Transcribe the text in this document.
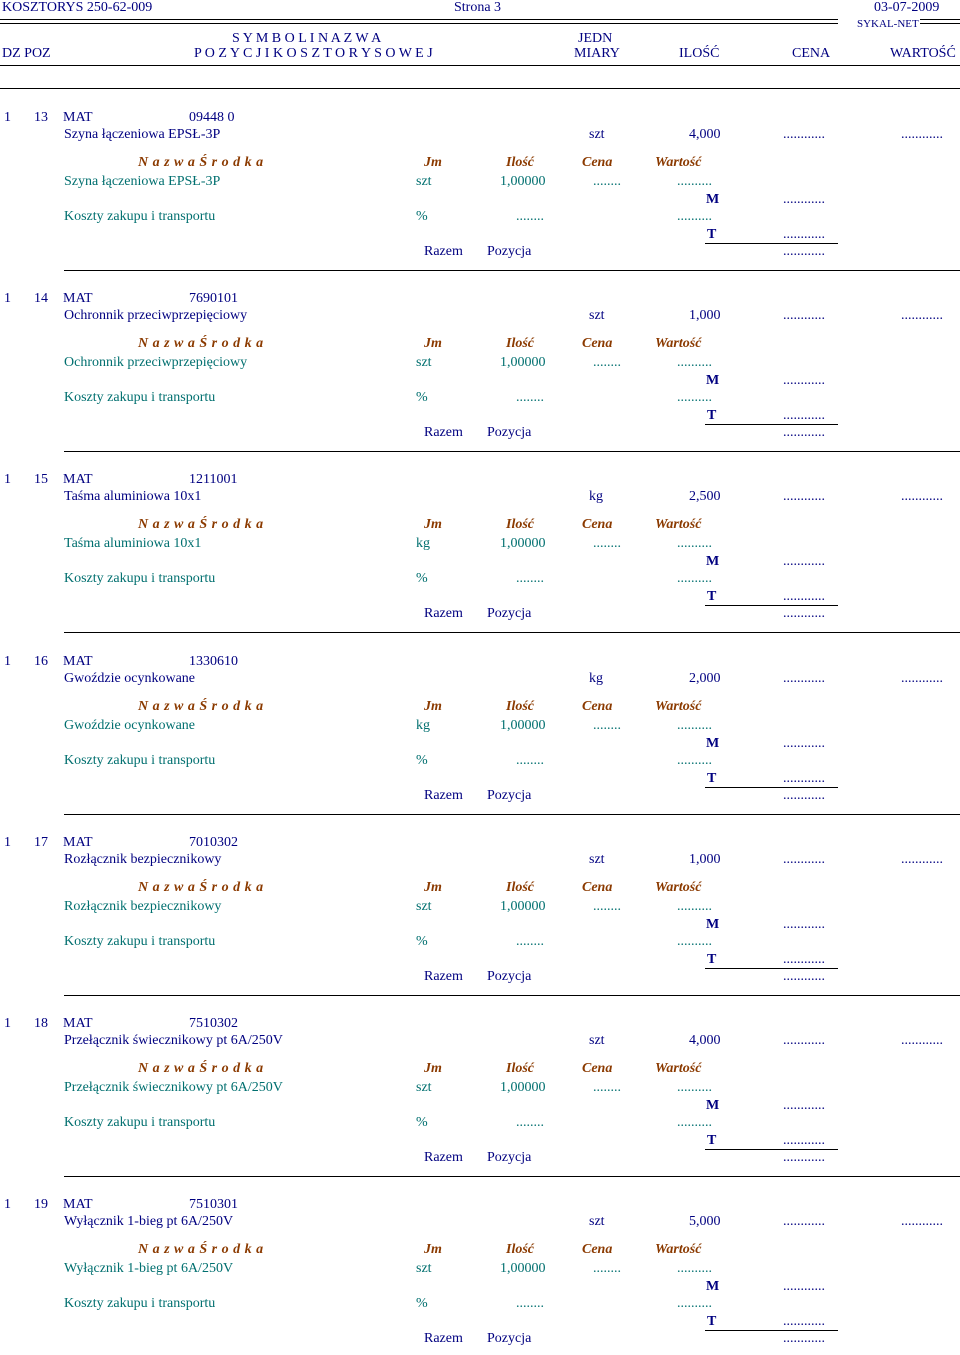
KOSZTORYS 250-62-009	Strona 3	03-07-2009
SYKAL-NET
S Y M B O L I N A Z W A	JEDN
DZ POZ	P O Z Y C J I K O S Z T O R Y S O W E J	MIARY	ILOŚĆ	CENA	WARTOŚĆ
1 13 MAT	09448 0
Szyna łączeniowa EPSŁ-3P	szt	4,000	............	............
N a z w a Ś r o d k a	Jm	Ilość	Cena	Wartość
Szyna łączeniowa EPSŁ-3P	szt	1,00000	........	..........
M	............
Koszty zakupu i transportu	%	........	..........
T	............
Razem Pozycja	............
1 14 MAT	7690101
Ochronnik przeciwprzepięciowy	szt	1,000	............	............
N a z w a Ś r o d k a	Jm	Ilość	Cena	Wartość
Ochronnik przeciwprzepięciowy	szt	1,00000	........	..........
M	............
Koszty zakupu i transportu	%	........	..........
T	............
Razem Pozycja	............
1 15 MAT	1211001
Taśma aluminiowa 10x1	kg	2,500	............	............
N a z w a Ś r o d k a	Jm	Ilość	Cena	Wartość
Taśma aluminiowa 10x1	kg	1,00000	........	..........
M	............
Koszty zakupu i transportu	%	........	..........
T	............
Razem Pozycja	............
1 16 MAT	1330610
Gwoździe ocynkowane	kg	2,000	............	............
N a z w a Ś r o d k a	Jm	Ilość	Cena	Wartość
Gwoździe ocynkowane	kg	1,00000	........	..........
M	............
Koszty zakupu i transportu	%	........	..........
T	............
Razem Pozycja	............
1 17 MAT	7010302
Rozłącznik bezpiecznikowy	szt	1,000	............	............
N a z w a Ś r o d k a	Jm	Ilość	Cena	Wartość
Rozłącznik bezpiecznikowy	szt	1,00000	........	..........
M	............
Koszty zakupu i transportu	%	........	..........
T	............
Razem Pozycja	............
1 18 MAT	7510302
Przełącznik świecznikowy pt 6A/250V	szt	4,000	............	............
N a z w a Ś r o d k a	Jm	Ilość	Cena	Wartość
Przełącznik świecznikowy pt 6A/250V	szt	1,00000	........	..........
M	............
Koszty zakupu i transportu	%	........	..........
T	............
Razem Pozycja	............
1 19 MAT	7510301
Wyłącznik 1-bieg pt 6A/250V	szt	5,000	............	............
N a z w a Ś r o d k a	Jm	Ilość	Cena	Wartość
Wyłącznik 1-bieg pt 6A/250V	szt	1,00000	........	..........
M	............
Koszty zakupu i transportu	%	........	..........
T	............
Razem Pozycja	............
